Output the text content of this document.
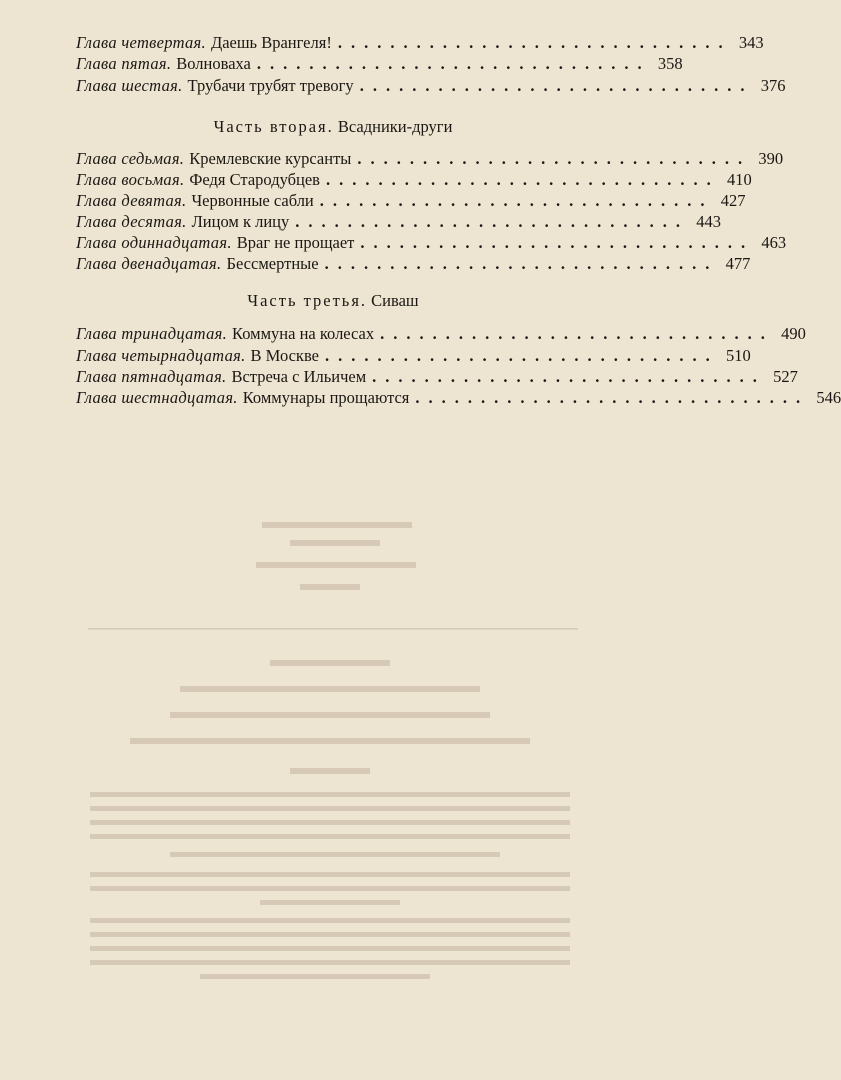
Глава четвертая. Даешь Врангеля! .............................. 343
Глава пятая. Волноваха .............................. 358
Глава шестая. Трубачи трубят тревогу .............................. 376
Часть вторая. Всадники-други
Глава седьмая. Кремлевские курсанты .............................. 390
Глава восьмая. Федя Стародубцев .............................. 410
Глава девятая. Червонные сабли .............................. 427
Глава десятая. Лицом к лицу .............................. 443
Глава одиннадцатая. Враг не прощает .............................. 463
Глава двенадцатая. Бессмертные .............................. 477
Часть третья. Сиваш
Глава тринадцатая. Коммуна на колесах .............................. 490
Глава четырнадцатая. В Москве .............................. 510
Глава пятнадцатая. Встреча с Ильичем .............................. 527
Глава шестнадцатая. Коммунары прощаются .............................. 546
